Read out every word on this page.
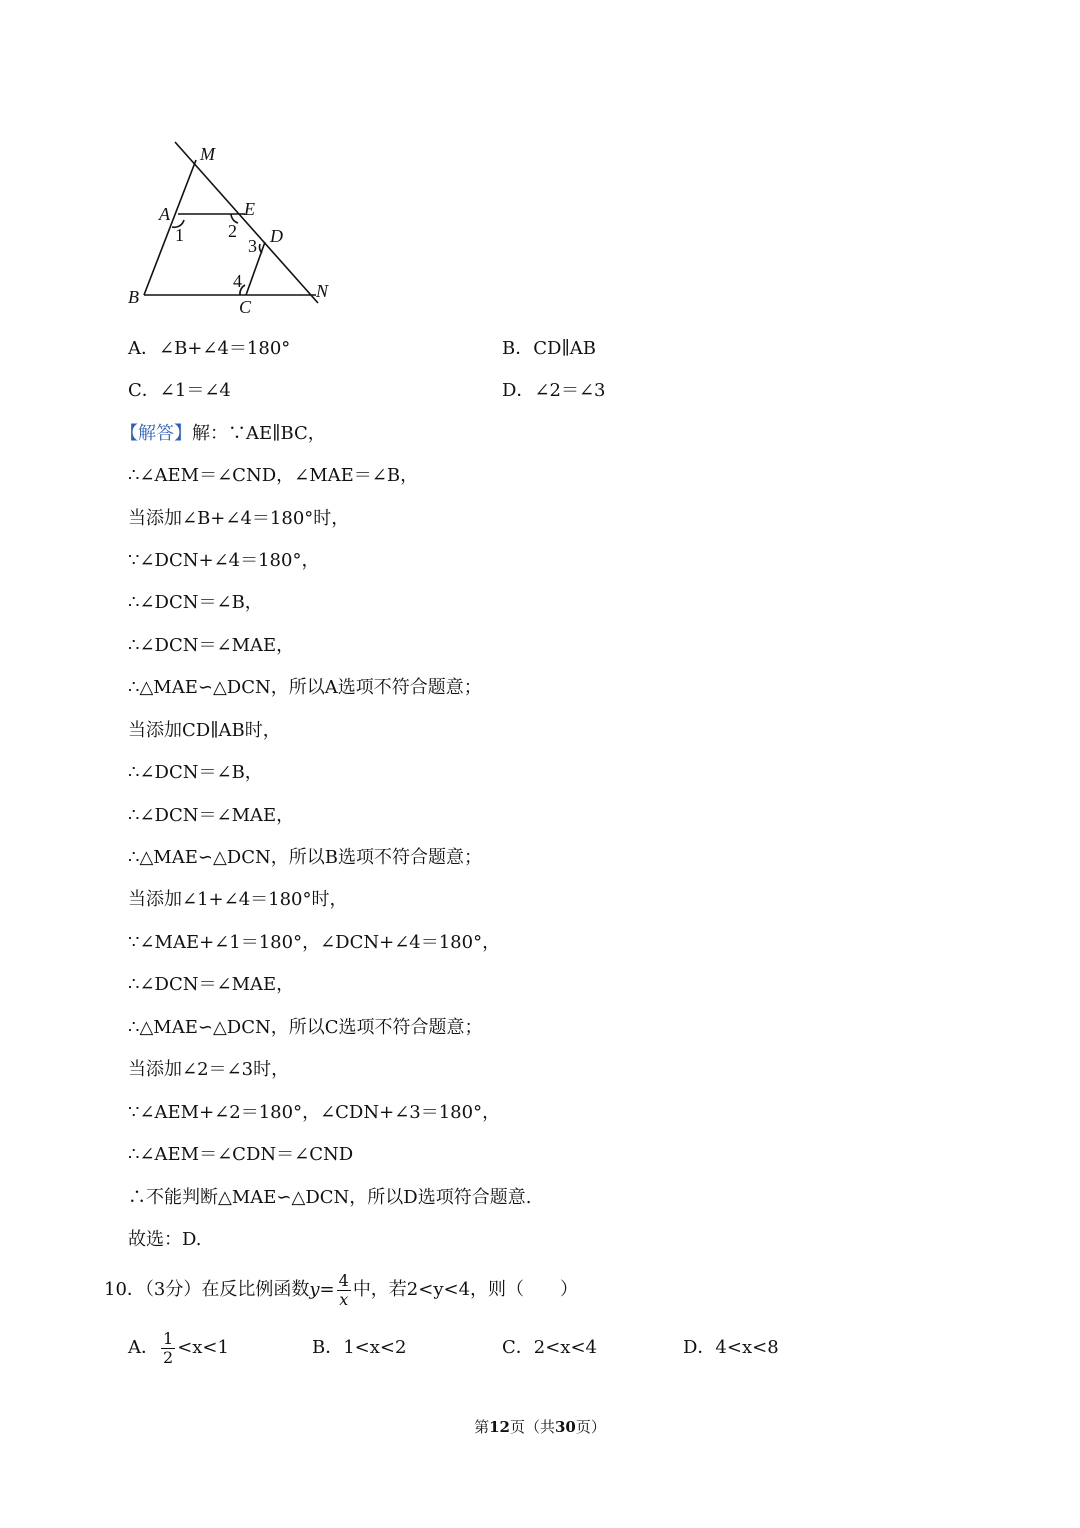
M
A	E
D
B	C
N
1 2
3
4
A．∠B+∠4＝180°	B．CD∥AB
C．∠1＝∠4	D．∠2＝∠3
【解答】解：∵AE∥BC，
∴∠AEM＝∠CND，∠MAE＝∠B，
当添加∠B+∠4＝180°时，
∵∠DCN+∠4＝180°，
∴∠DCN＝∠B，
∴∠DCN＝∠MAE，
∴△MAE∽△DCN，所以A选项不符合题意；
当添加CD∥AB时，
∴∠DCN＝∠B，
∴∠DCN＝∠MAE，
∴△MAE∽△DCN，所以B选项不符合题意；
当添加∠1+∠4＝180°时，
∵∠MAE+∠1＝180°，∠DCN+∠4＝180°，
∴∠DCN＝∠MAE，
∴△MAE∽△DCN，所以C选项不符合题意；
当添加∠2＝∠3时，
∵∠AEM+∠2＝180°，∠CDN+∠3＝180°，
∴∠AEM＝∠CDN＝∠CND
∴不能判断△MAE∽△DCN，所以D选项符合题意.
故选：D.
10．（3分）在反比例函数$y= \frac{4}{x}$ 中，若2<y<4，则（　　）
A． $\frac{1}{2} <x<1$	B．1<x<2	C．2<x<4	D．4<x<8
第12页（共30页）
